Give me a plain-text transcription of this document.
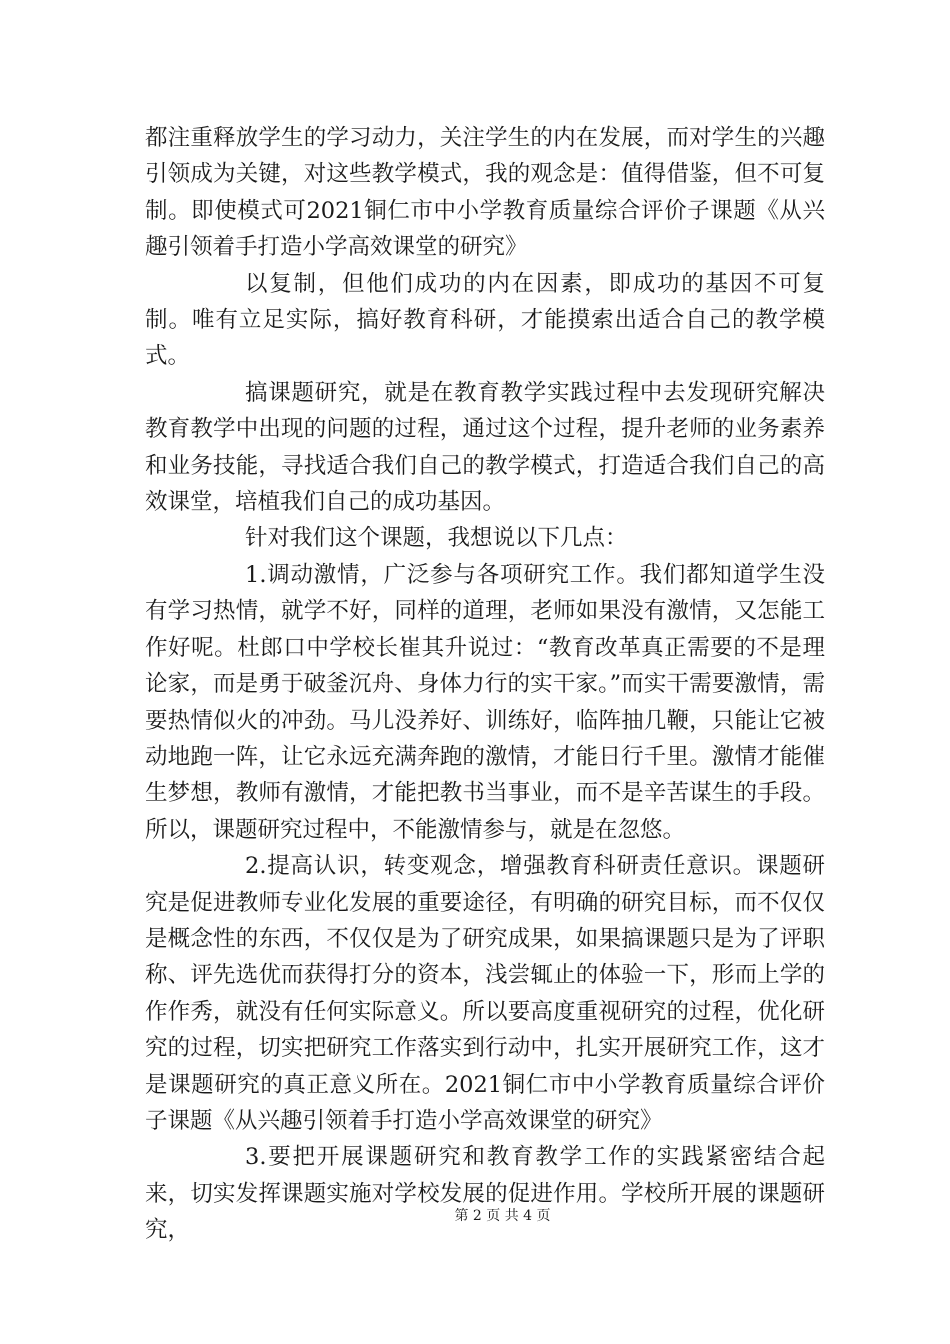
都注重释放学生的学习动力，关注学生的内在发展，而对学生的兴趣引领成为关键，对这些教学模式，我的观念是：值得借鉴，但不可复制。即使模式可2021铜仁市中小学教育质量综合评价子课题《从兴趣引领着手打造小学高效课堂的研究》

以复制，但他们成功的内在因素，即成功的基因不可复制。唯有立足实际，搞好教育科研，才能摸索出适合自己的教学模式。

搞课题研究，就是在教育教学实践过程中去发现研究解决教育教学中出现的问题的过程，通过这个过程，提升老师的业务素养和业务技能，寻找适合我们自己的教学模式，打造适合我们自己的高效课堂，培植我们自己的成功基因。

针对我们这个课题，我想说以下几点：

1.调动激情，广泛参与各项研究工作。我们都知道学生没有学习热情，就学不好，同样的道理，老师如果没有激情，又怎能工作好呢。杜郎口中学校长崔其升说过：“教育改革真正需要的不是理论家，而是勇于破釜沉舟、身体力行的实干家。”而实干需要激情，需要热情似火的冲劲。马儿没养好、训练好，临阵抽几鞭，只能让它被动地跑一阵，让它永远充满奔跑的激情，才能日行千里。激情才能催生梦想，教师有激情，才能把教书当事业，而不是辛苦谋生的手段。所以，课题研究过程中，不能激情参与，就是在忽悠。

2.提高认识，转变观念，增强教育科研责任意识。课题研究是促进教师专业化发展的重要途径，有明确的研究目标，而不仅仅是概念性的东西，不仅仅是为了研究成果，如果搞课题只是为了评职称、评先选优而获得打分的资本，浅尝辄止的体验一下，形而上学的作作秀，就没有任何实际意义。所以要高度重视研究的过程，优化研究的过程，切实把研究工作落实到行动中，扎实开展研究工作，这才是课题研究的真正意义所在。2021铜仁市中小学教育质量综合评价子课题《从兴趣引领着手打造小学高效课堂的研究》

3.要把开展课题研究和教育教学工作的实践紧密结合起来，切实发挥课题实施对学校发展的促进作用。学校所开展的课题研究，

第 2 页 共 4 页
